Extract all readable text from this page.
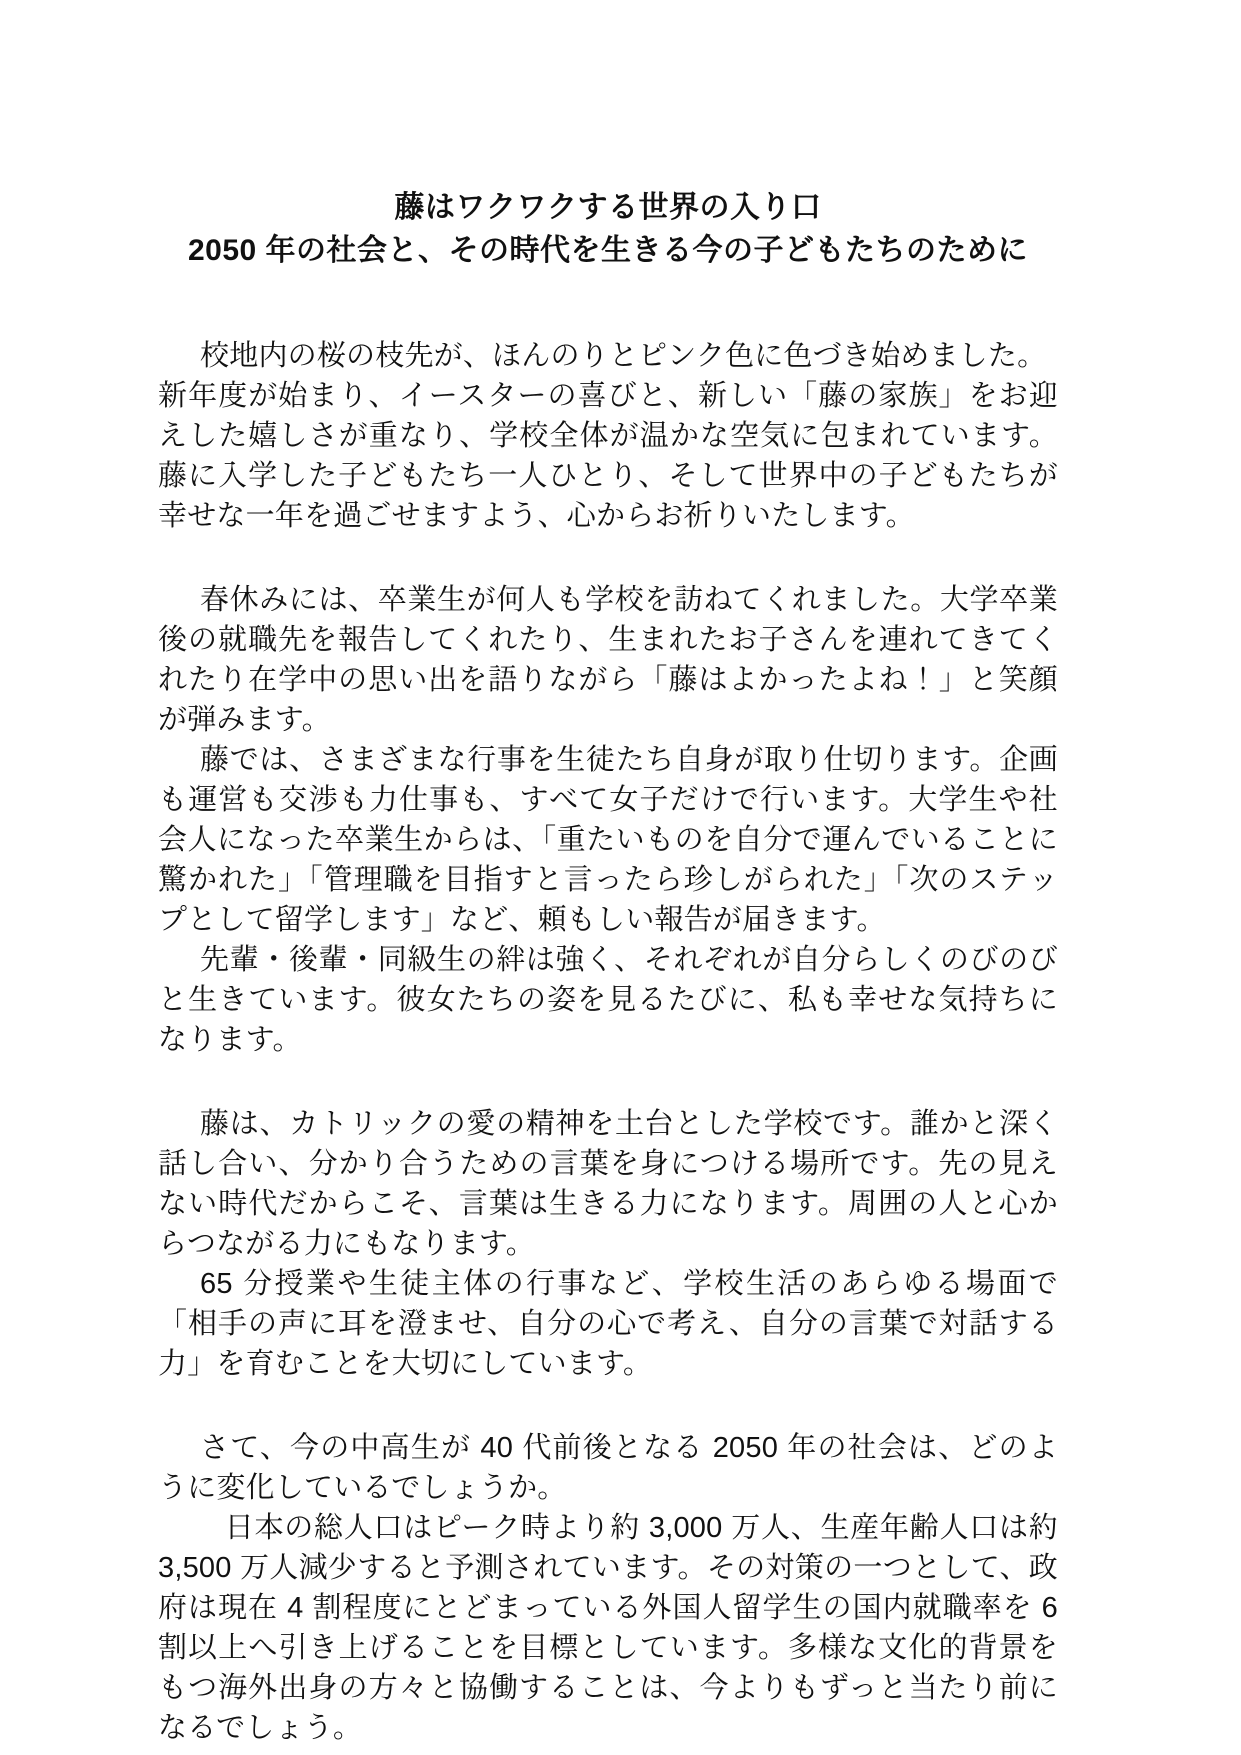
藤はワクワクする世界の入り口
2050 年の社会と、その時代を生きる今の子どもたちのために

校地内の桜の枝先が、ほんのりとピンク色に色づき始めました。

新年度が始まり、イースターの喜びと、新しい「藤の家族」をお迎えした嬉しさが重なり、学校全体が温かな空気に包まれています。藤に入学した子どもたち一人ひとり、そして世界中の子どもたちが幸せな一年を過ごせますよう、心からお祈りいたします。

春休みには、卒業生が何人も学校を訪ねてくれました。大学卒業後の就職先を報告してくれたり、生まれたお子さんを連れてきてくれたり在学中の思い出を語りながら「藤はよかったよね！」と笑顔が弾みます。

藤では、さまざまな行事を生徒たち自身が取り仕切ります。企画も運営も交渉も力仕事も、すべて女子だけで行います。大学生や社会人になった卒業生からは、「重たいものを自分で運んでいることに驚かれた」「管理職を目指すと言ったら珍しがられた」「次のステップとして留学します」など、頼もしい報告が届きます。

先輩・後輩・同級生の絆は強く、それぞれが自分らしくのびのびと生きています。彼女たちの姿を見るたびに、私も幸せな気持ちになります。

藤は、カトリックの愛の精神を土台とした学校です。誰かと深く話し合い、分かり合うための言葉を身につける場所です。先の見えない時代だからこそ、言葉は生きる力になります。周囲の人と心からつながる力にもなります。

65 分授業や生徒主体の行事など、学校生活のあらゆる場面で「相手の声に耳を澄ませ、自分の心で考え、自分の言葉で対話する力」を育むことを大切にしています。

さて、今の中高生が 40 代前後となる 2050 年の社会は、どのように変化しているでしょうか。

日本の総人口はピーク時より約 3,000 万人、生産年齢人口は約 3,500 万人減少すると予測されています。その対策の一つとして、政府は現在 4 割程度にとどまっている外国人留学生の国内就職率を 6 割以上へ引き上げることを目標としています。多様な文化的背景をもつ海外出身の方々と協働することは、今よりもずっと当たり前になるでしょう。
